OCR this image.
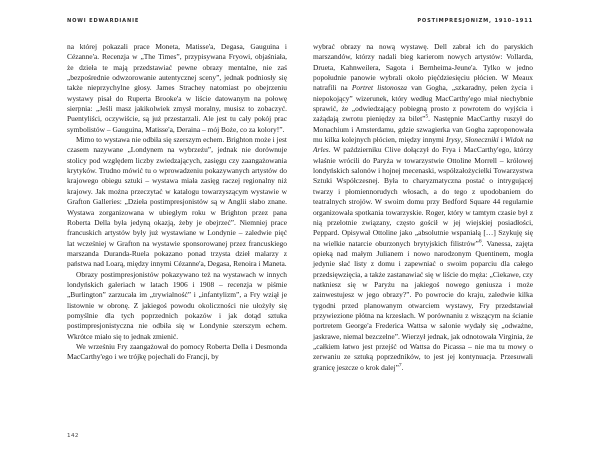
NOWI EDWARDIANIE	POSTIMPRESJONIZM, 1910–1911

na której pokazali prace Moneta, Matisse'a, Degasa, Gauguina i Cézanne'a. Recenzja w „The Times”, przypisywana Fryowi, objaśniała, że dzieła te mają przedstawiać pewne obrazy mentalne, nie zaś „bezpośrednie odwzorowanie autentycznej sceny”, jednak podniosły się także nieprzychylne głosy. James Strachey natomiast po obejrzeniu wystawy pisał do Ruperta Brooke'a w liście datowanym na połowę sierpnia: „Jeśli masz jakikolwiek zmysł moralny, musisz to zobaczyć. Puentyliści, oczywiście, są już przestarzali. Ale jest tu cały pokój prac symbolistów – Gauguina, Matisse'a, Deraina – mój Boże, co za kolory!”.

Mimo to wystawa nie odbiła się szerszym echem. Brighton może i jest czasem nazywane „Londynem na wybrzeżu”, jednak nie dorównuje stolicy pod względem liczby zwiedzających, zasięgu czy zaangażowania krytyków. Trudno mówić tu o wprowadzeniu pokazywanych artystów do krajowego obiegu sztuki – wystawa miała zasięg raczej regionalny niż krajowy. Jak można przeczytać w katalogu towarzyszącym wystawie w Grafton Galleries: „Dzieła postimpresjonistów są w Anglii słabo znane. Wystawa zorganizowana w ubiegłym roku w Brighton przez pana Roberta Della była jedyną okazją, żeby je obejrzeć”. Niemniej prace francuskich artystów były już wystawiane w Londynie – zaledwie pięć lat wcześniej w Grafton na wystawie sponsorowanej przez francuskiego marszanda Duranda-Ruela pokazano ponad trzysta dzieł malarzy z państwa nad Loarą, między innymi Cézanne'a, Degasa, Renoira i Maneta.

Obrazy postimpresjonistów pokazywano też na wystawach w innych londyńskich galeriach w latach 1906 i 1908 – recenzja w piśmie „Burlington” zarzucała im „trywialność” i „infantylizm”, a Fry wziął je listownie w obronę. Z jakiegoś powodu okoliczności nie ułożyły się pomyślnie dla tych poprzednich pokazów i jak dotąd sztuka postimpresjonistyczna nie odbiła się w Londynie szerszym echem. Wkrótce miało się to jednak zmienić.

We wrześniu Fry zaangażował do pomocy Roberta Della i Desmonda MacCarthy'ego i we trójkę pojechali do Francji, by

wybrać obrazy na nową wystawę. Dell zabrał ich do paryskich marszandów, którzy nadali bieg karierom nowych artystów: Vollarda, Drueta, Kahnweilera, Sagota i Bernheima-Jeune'a. Tylko w jedno popołudnie panowie wybrali około pięćdziesięciu płócien. W Meaux natrafili na Portret listonosza van Gogha, „szkaradny, pełen życia i niepokojący” wizerunek, który według MacCarthy'ego miał niechybnie sprawić, że „odwiedzający pobiegną prosto z powrotem do wyjścia i zażądają zwrotu pieniędzy za bilet”$^5$. Następnie MacCarthy ruszył do Monachium i Amsterdamu, gdzie szwagierka van Gogha zaproponowała mu kilka kolejnych płócien, między innymi Irysy, Słoneczniki i Widok na Arles. W październiku Clive dołączył do Frya i MacCarthy'ego, którzy właśnie wrócili do Paryża w towarzystwie Ottoline Morrell – królowej londyńskich salonów i hojnej mecenaski, współzałożycielki Towarzystwa Sztuki Współczesnej. Była to charyzmatyczna postać o intrygującej twarzy i płomiennorudych włosach, a do tego z upodobaniem do teatralnych strojów. W swoim domu przy Bedford Square 44 regularnie organizowała spotkania towarzyskie. Roger, który w tamtym czasie był z nią przelotnie związany, często gościł w jej wiejskiej posiadłości, Peppard. Opisywał Ottoline jako „absolutnie wspaniałą […] Szykuję się na wielkie natarcie oburzonych brytyjskich filistrów”$^6$. Vanessa, zajęta opieką nad małym Julianem i nowo narodzonym Quentinem, mogła jedynie słać listy z domu i zapewniać o swoim poparciu dla całego przedsięwzięcia, a także zastanawiać się w liście do męża: „Ciekawe, czy natkniesz się w Paryżu na jakiegoś nowego geniusza i może zainwestujesz w jego obrazy?”. Po powrocie do kraju, zaledwie kilka tygodni przed planowanym otwarciem wystawy, Fry przedstawiał przywiezione płótna na krzesłach. W porównaniu z wiszącym na ścianie portretem George'a Frederica Wattsa w salonie wydały się „odważne, jaskrawe, niemal bezczelne”. Wierzył jednak, jak odnotowała Virginia, że „całkiem łatwo jest przejść od Wattsa do Picassa – nie ma tu mowy o zerwaniu ze sztuką poprzedników, to jest jej kontynuacja. Przesuwali granicę jeszcze o krok dalej”$^7$.

142
